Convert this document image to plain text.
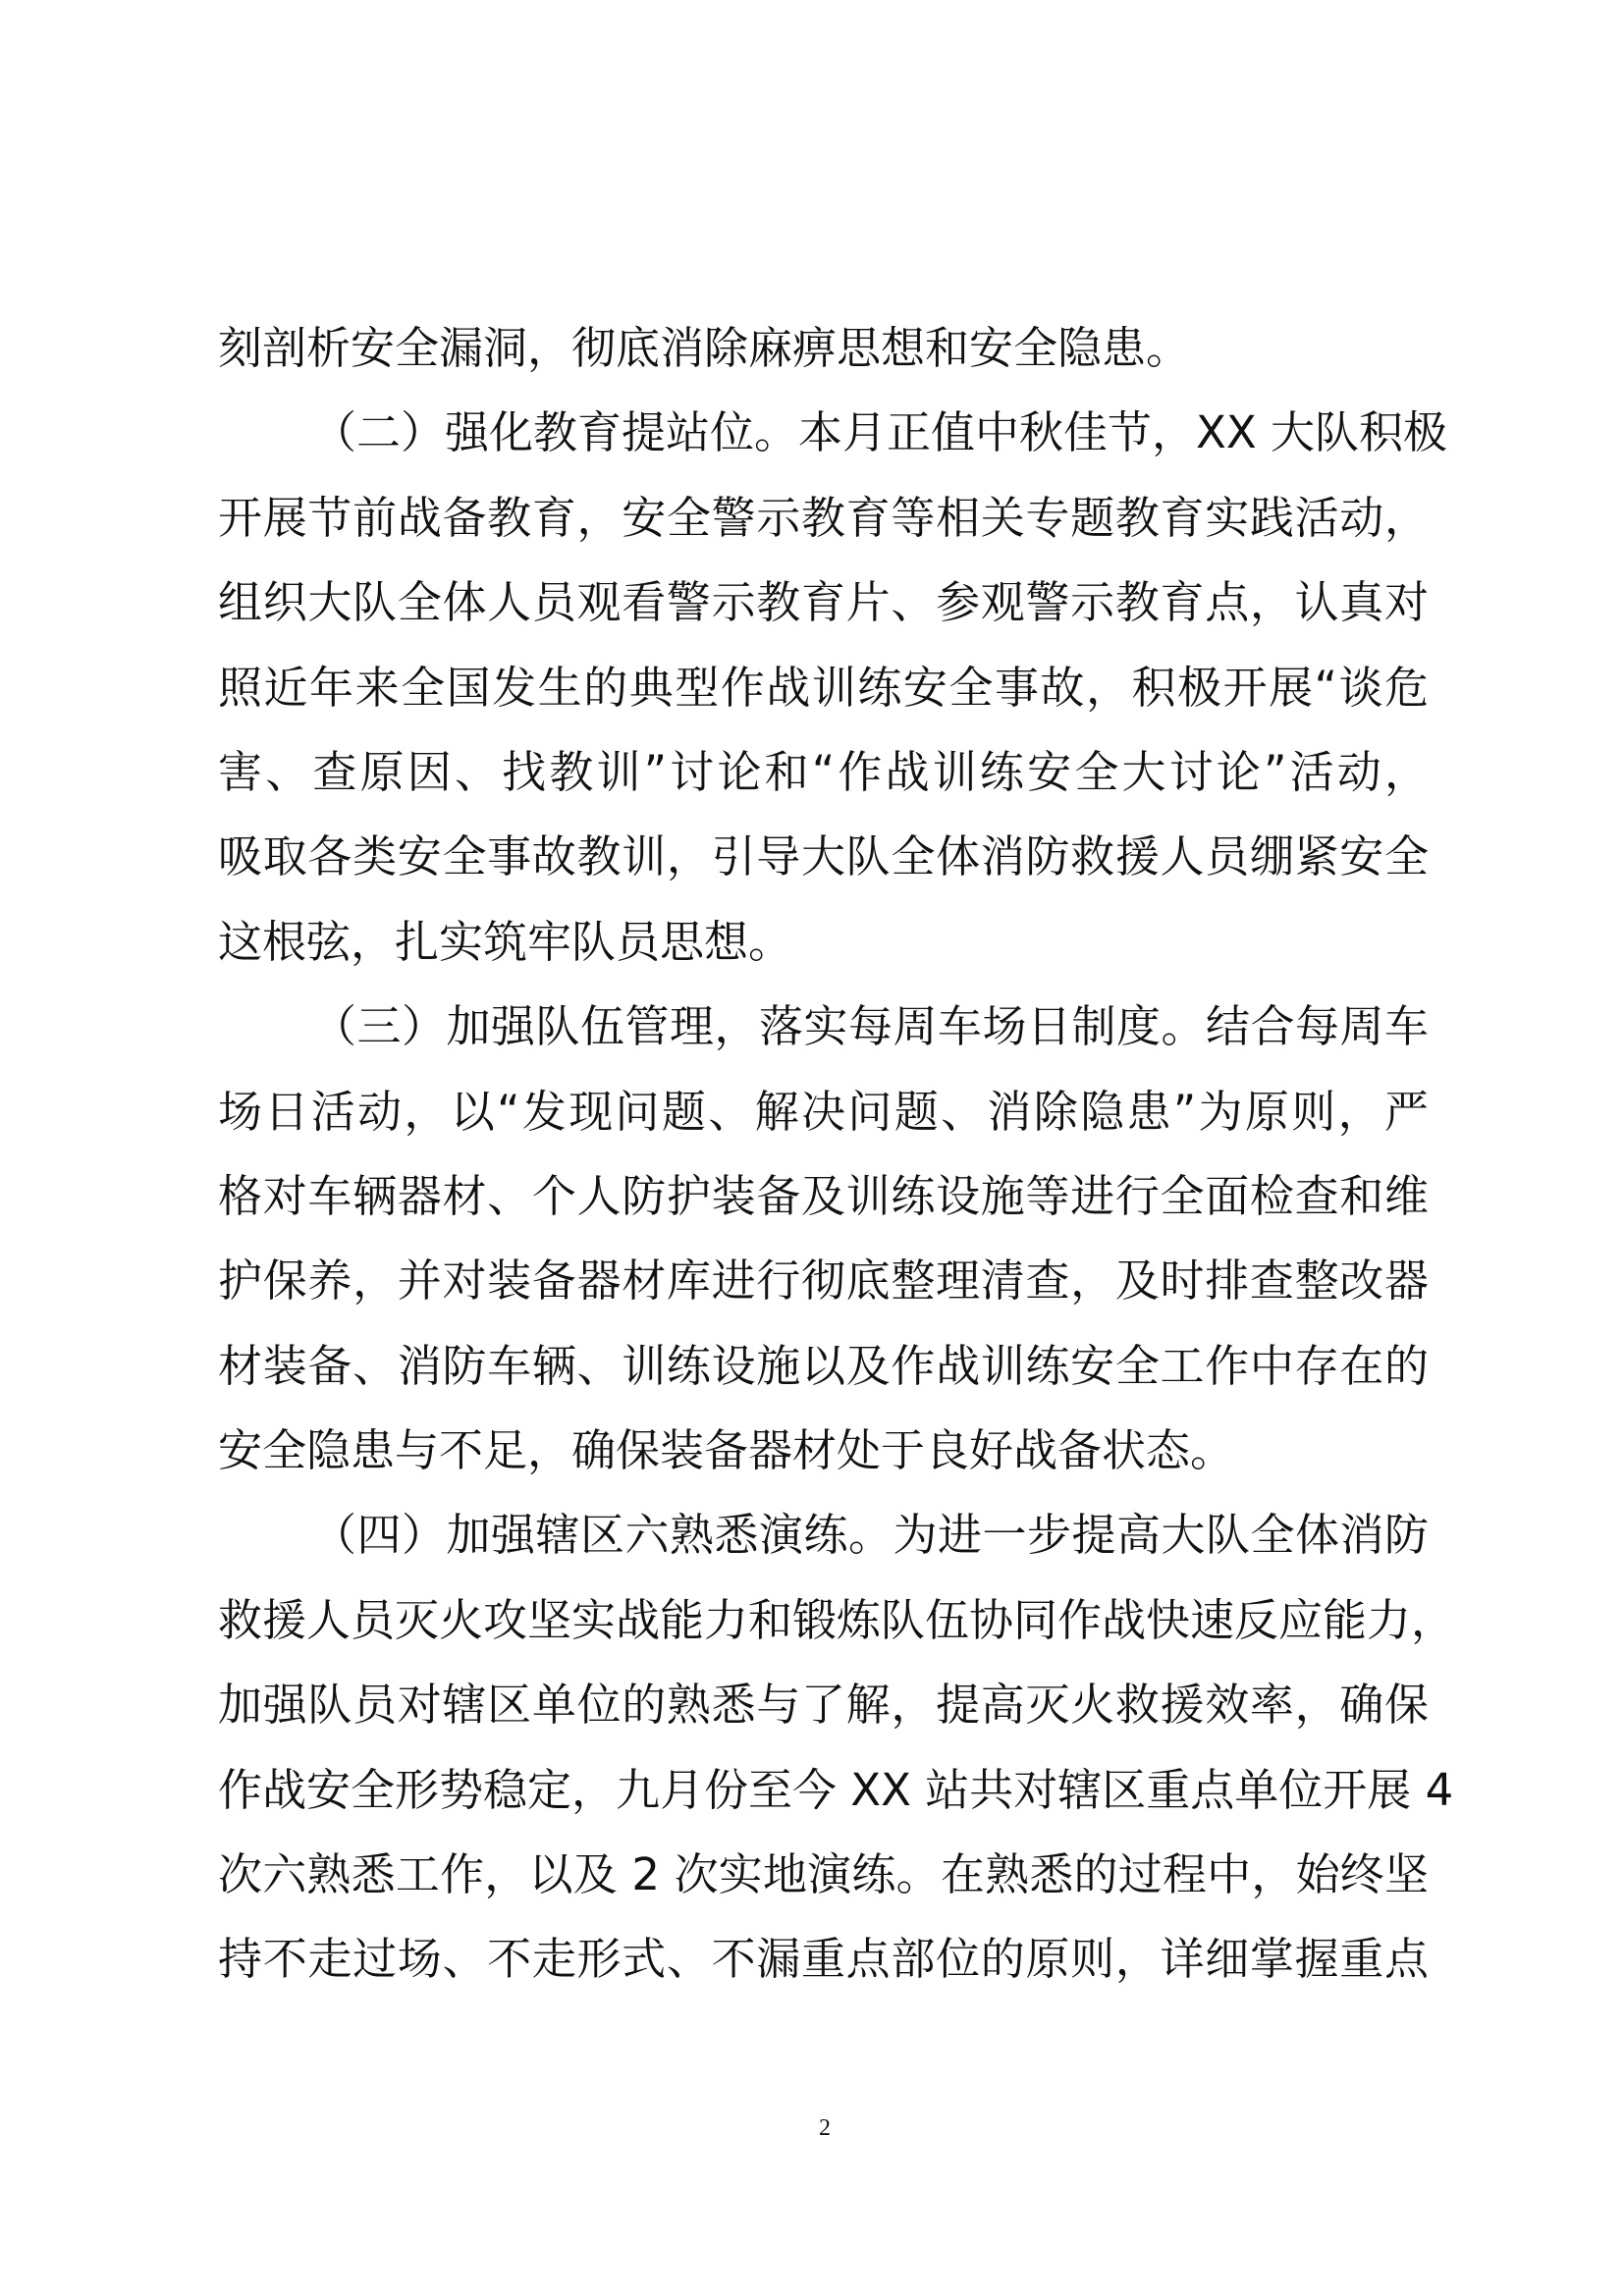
刻剖析安全漏洞，彻底消除麻痹思想和安全隐患。
（二）强化教育提站位。本月正值中秋佳节，XX 大队积极
开展节前战备教育，安全警示教育等相关专题教育实践活动，
组织大队全体人员观看警示教育片、参观警示教育点，认真对
照近年来全国发生的典型作战训练安全事故，积极开展“谈危
害、查原因、找教训”讨论和“作战训练安全大讨论”活动，
吸取各类安全事故教训，引导大队全体消防救援人员绷紧安全
这根弦，扎实筑牢队员思想。
（三）加强队伍管理，落实每周车场日制度。结合每周车
场日活动，以“发现问题、解决问题、消除隐患”为原则，严
格对车辆器材、个人防护装备及训练设施等进行全面检查和维
护保养，并对装备器材库进行彻底整理清查，及时排查整改器
材装备、消防车辆、训练设施以及作战训练安全工作中存在的
安全隐患与不足，确保装备器材处于良好战备状态。
（四）加强辖区六熟悉演练。为进一步提高大队全体消防
救援人员灭火攻坚实战能力和锻炼队伍协同作战快速反应能力，
加强队员对辖区单位的熟悉与了解，提高灭火救援效率，确保
作战安全形势稳定，九月份至今 XX 站共对辖区重点单位开展 4
次六熟悉工作，以及 2 次实地演练。在熟悉的过程中，始终坚
持不走过场、不走形式、不漏重点部位的原则，详细掌握重点
2
